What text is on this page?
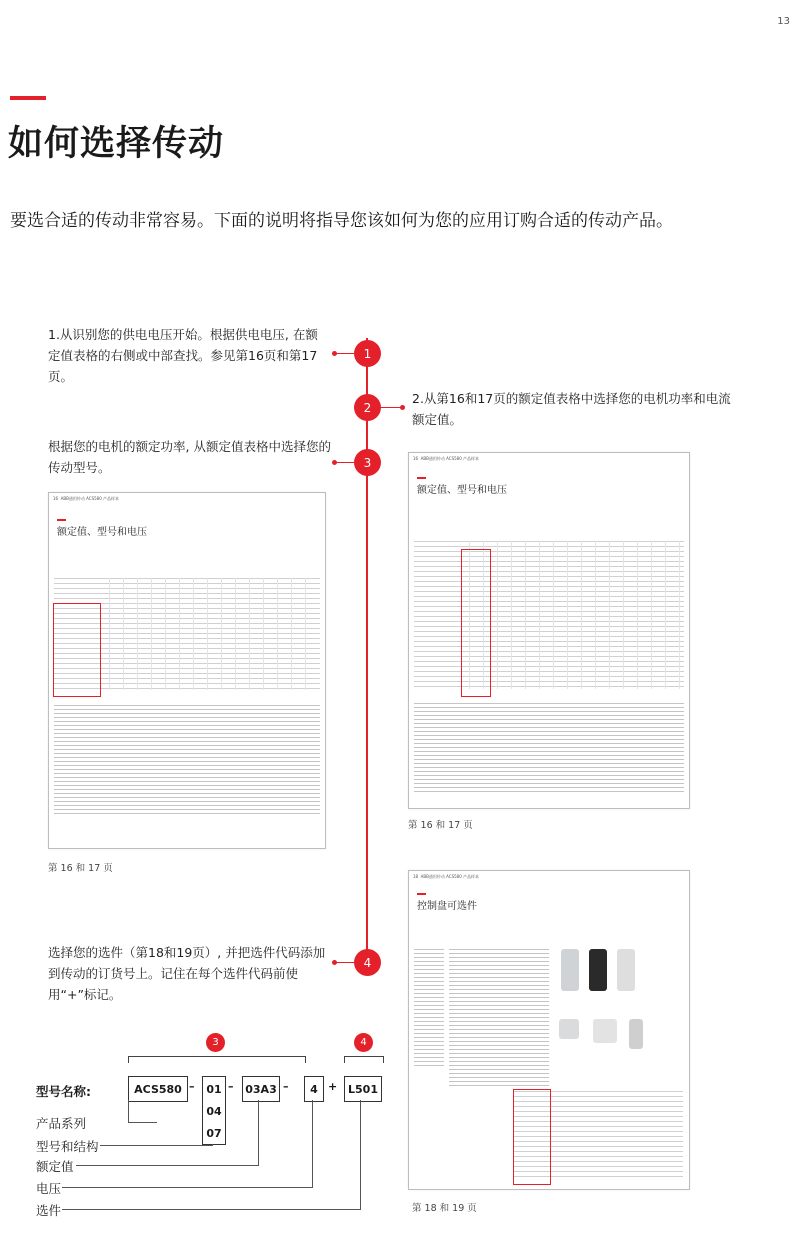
13
如何选择传动
要选合适的传动非常容易。下面的说明将指导您该如何为您的应用订购合适的传动产品。
1.从识别您的供电电压开始。根据供电电压, 在额定值表格的右侧或中部查找。参见第16页和第17页。
1
2
2.从第16和17页的额定值表格中选择您的电机功率和电流额定值。
根据您的电机的额定功率, 从额定值表格中选择您的传动型号。	3
选择您的选件（第18和19页）, 并把选件代码添加到传动的订货号上。记住在每个选件代码前使用“+”标记。
4
16 ABB通用传动 ACS580 产品样本
额定值、型号和电压
第 16 和 17 页
16 ABB通用传动 ACS580 产品样本
额定值、型号和电压
第 16 和 17 页
18 ABB通用传动 ACS580 产品样本
控制盘可选件
第 18 和 19 页
3	4
型号名称:	ACS580 –	01
04
07
– 03A3 –	4 + L501
产品系列
型号和结构
额定值
电压
选件
